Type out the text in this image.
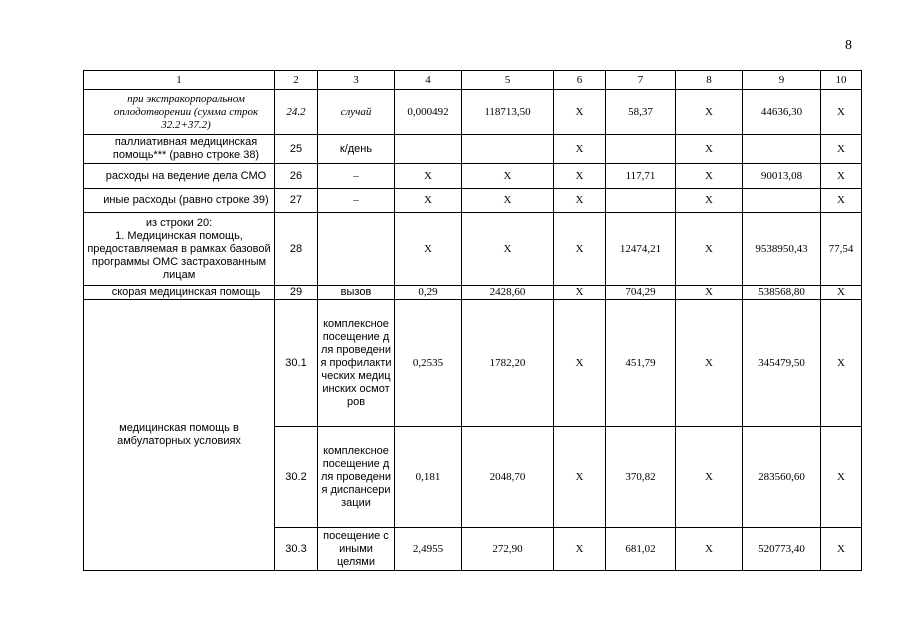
8
1	2	3	4	5	6	7	8	9	10
при экстракорпоральном оплодотворении (сумма строк 32.2+37.2)	24.2	случай	0,000492	118713,50	Х	58,37	Х	44636,30	Х
паллиативная медицинская помощь*** (равно строке 38)	25	к/день			Х		Х		Х
расходы на ведение дела СМО	26	–	Х	Х	Х	117,71	Х	90013,08	Х
иные расходы (равно строке 39)	27	–	Х	Х	Х		Х		Х
из строки 20:
1. Медицинская помощь, предоставляемая в рамках базовой программы ОМС застрахованным лицам	28		Х	Х	Х	12474,21	Х	9538950,43	77,54
скорая медицинская помощь	29	вызов	0,29	2428,60	Х	704,29	Х	538568,80	Х
медицинская помощь в амбулаторных условиях	30.1	комплексное посещение для проведения профилактических медицинских осмотров	0,2535	1782,20	Х	451,79	Х	345479,50	Х
	30.2	комплексное посещение для проведения диспансеризации	0,181	2048,70	Х	370,82	Х	283560,60	Х
	30.3	посещение с иными целями	2,4955	272,90	Х	681,02	Х	520773,40	Х
